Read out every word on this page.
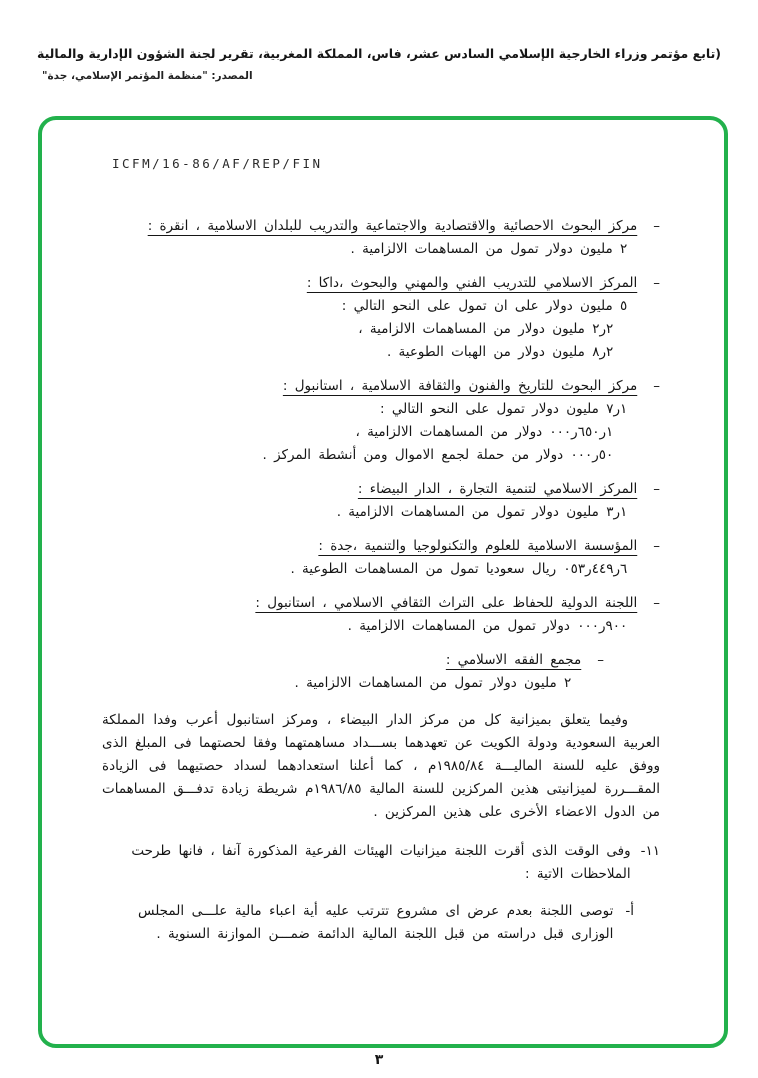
(تابع مؤتمر وزراء الخارجية الإسلامي السادس عشر، فاس، المملكة المغربية، تقرير لجنة الشؤون الإدارية والمالية
المصدر: "منظمة المؤتمر الإسلامي، جدة"
ICFM/16-86/AF/REP/FIN
–
مركز البحوث الاحصائية والاقتصادية والاجتماعية والتدريب للبلدان الاسلامية ، انقرة :
٢ مليون دولار تمول من المساهمات الالزامية .
–
المركز الاسلامي للتدريب الفني والمهني والبحوث ،داكا :
٥ مليون دولار على ان تمول على النحو التالي :
٢ر٢ مليون دولار من المساهمات الالزامية ،
٢ر٨ مليون دولار من الهبات الطوعية .
–
مركز البحوث للتاريخ والفنون والثقافة الاسلامية ، استانبول :
١ر٧ مليون دولار تمول على النحو التالي :
١ر٦٥٠ر٠٠٠ دولار من المساهمات الالزامية ،
٥٠ر٠٠٠ دولار من حملة لجمع الاموال ومن أنشطة المركز .
–
المركز الاسلامي لتنمية التجارة ، الدار البيضاء :
١ر٣ مليون دولار تمول من المساهمات الالزامية .
–
المؤسسة الاسلامية للعلوم والتكنولوجيا والتنمية ،جدة :
٦ر٤٤٩ر٠٥٣ ريال سعوديا تمول من المساهمات الطوعية .
–
اللجنة الدولية للحفاظ على التراث الثقافي الاسلامي ، استانبول :
٩٠٠ر٠٠٠ دولار تمول من المساهمات الالزامية .
–
مجمع الفقه الاسلامي :
٢ مليون دولار تمول من المساهمات الالزامية .
وفيما يتعلق بميزانية كل من مركز الدار البيضاء ، ومركز استانبول أعرب وفدا المملكة العربية السعودية ودولة الكويت عن تعهدهما بســـداد مساهمتهما وفقا لحصتهما فى المبلغ الذى ووفق عليه للسنة الماليـــة ١٩٨٥/٨٤م ، كما أعلنا استعدادهما لسداد حصتيهما فى الزيادة المقـــررة لميزانيتى هذين المركزين للسنة المالية ١٩٨٦/٨٥م شريطة زيادة تدفـــق المساهمات من الدول الاعضاء الأخرى على هذين المركزين .
١١-
وفى الوقت الذى أقرت اللجنة ميزانيات الهيئات الفرعية المذكورة آنفا ، فانها طرحت الملاحظات الاتية :
أ-
توصى اللجنة بعدم عرض اى مشروع تترتب عليه أية اعباء مالية علـــى المجلس الوزارى قبل دراسته من قبل اللجنة المالية الدائمة ضمـــن الموازنة السنوية .
٣
